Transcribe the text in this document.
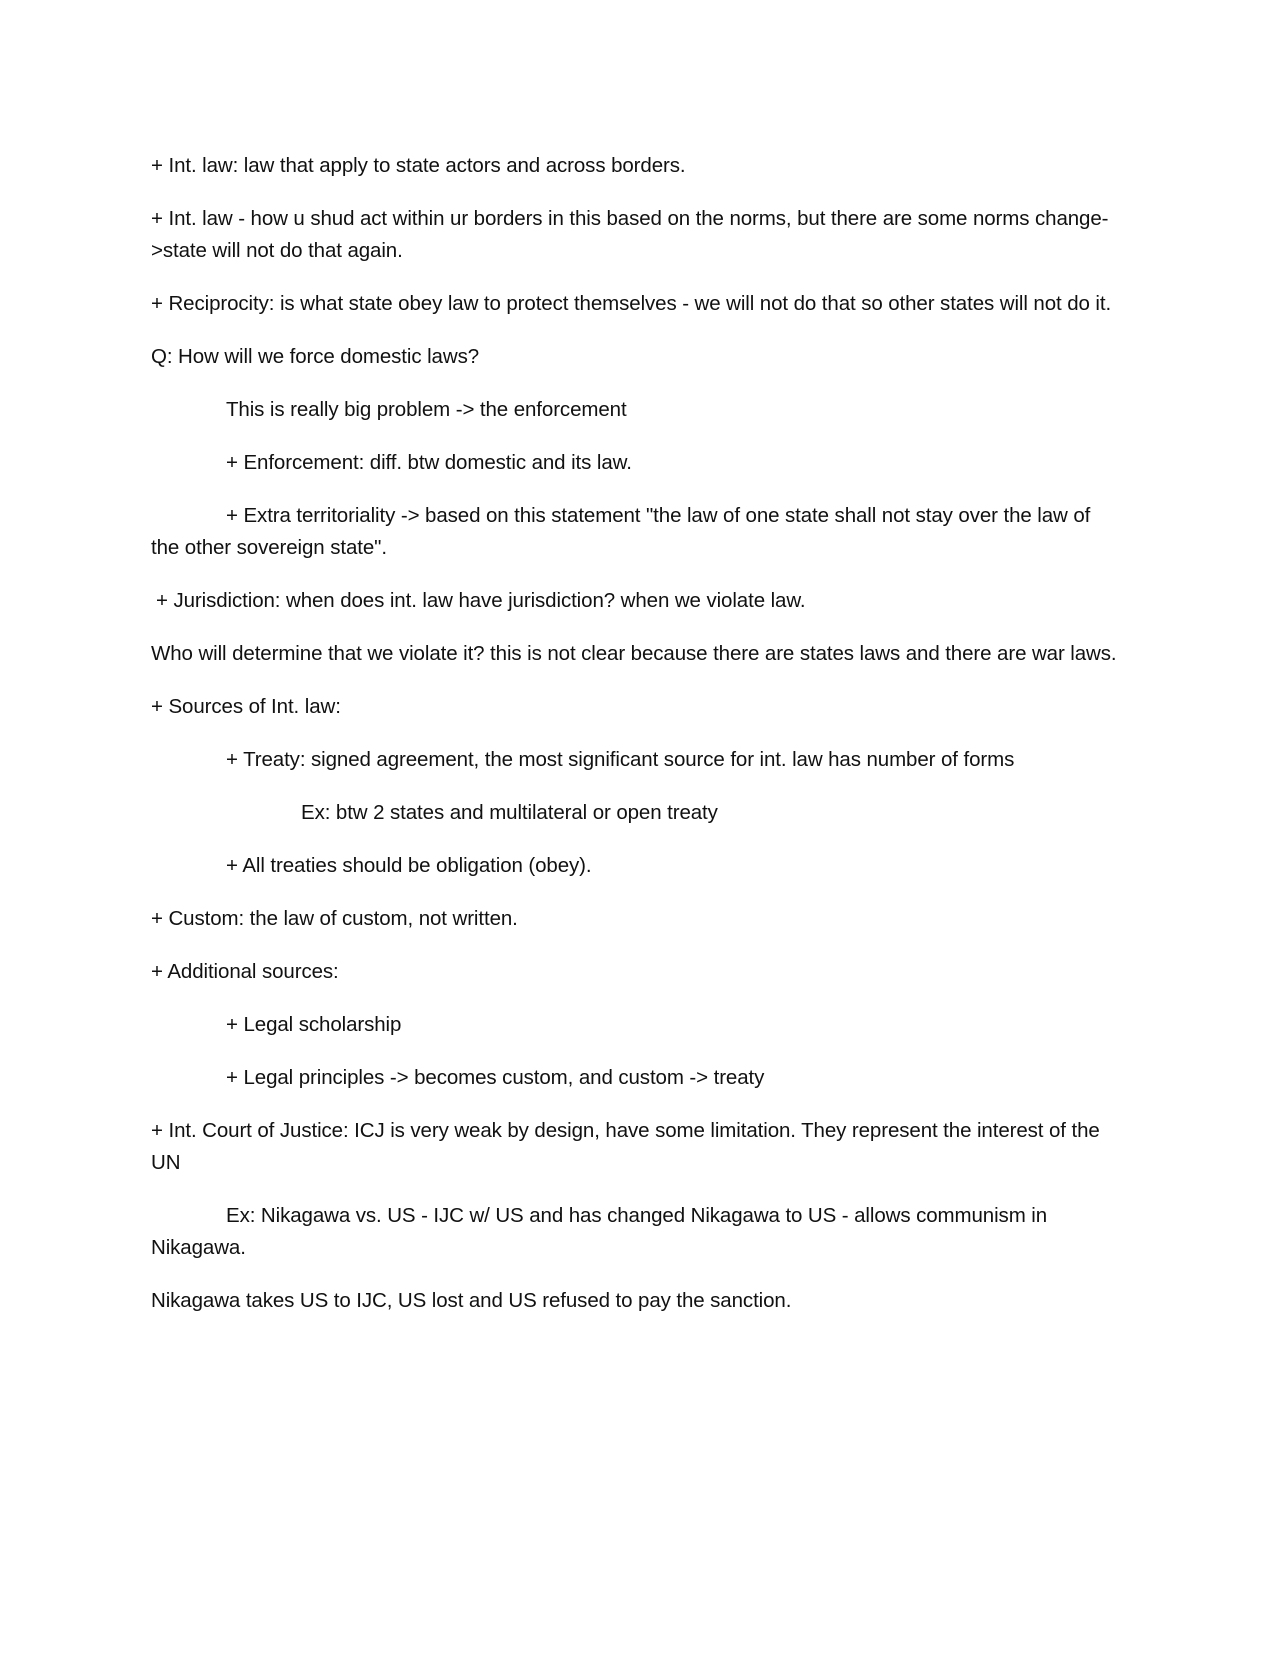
+ Int. law: law that apply to state actors and across borders.

+ Int. law - how u shud act within ur borders in this based on the norms, but there are some norms change->state will not do that again.

+ Reciprocity: is what state obey law to protect themselves - we will not do that so other states will not do it.

Q: How will we force domestic laws?

This is really big problem -> the enforcement

+ Enforcement: diff. btw domestic and its law.

+ Extra territoriality -> based on this statement "the law of one state shall not stay over the law of the other sovereign state".

+ Jurisdiction: when does int. law have jurisdiction? when we violate law.

Who will determine that we violate it? this is not clear because there are states laws and there are war laws.

+ Sources of Int. law:

+ Treaty: signed agreement, the most significant source for int. law has number of forms

Ex: btw 2 states and multilateral or open treaty

+ All treaties should be obligation (obey).

+ Custom: the law of custom, not written.

+ Additional sources:

+ Legal scholarship

+ Legal principles -> becomes custom, and custom -> treaty

+ Int. Court of Justice: ICJ is very weak by design, have some limitation. They represent the interest of the UN

Ex: Nikagawa vs. US - IJC w/ US and has changed Nikagawa to US - allows communism in Nikagawa.

Nikagawa takes US to IJC, US lost and US refused to pay the sanction.
